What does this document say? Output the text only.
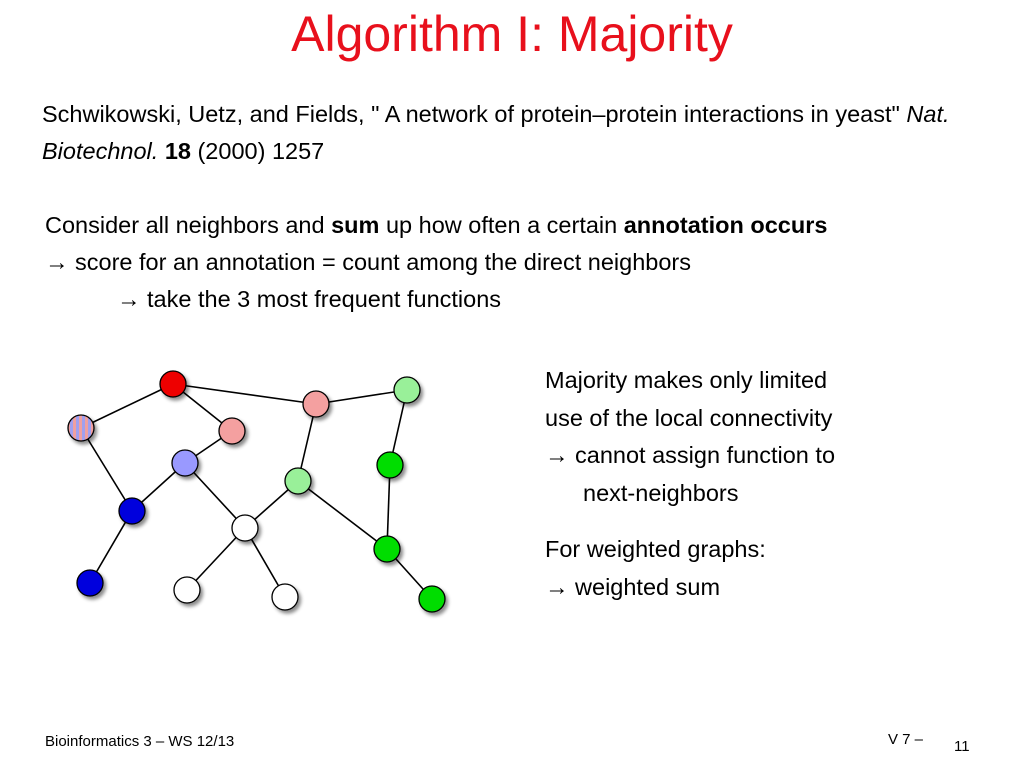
Algorithm I: Majority
Schwikowski, Uetz, and Fields, " A network of protein–protein interactions in yeast" Nat. Biotechnol. 18 (2000) 1257
Consider all neighbors and sum up how often a certain annotation occurs
→ score for an annotation = count among the direct neighbors
→ take the 3 most frequent functions
Majority makes only limited
use of the local connectivity
→ cannot assign function to
next-neighbors
For weighted graphs:
→ weighted sum
Bioinformatics 3 – WS 12/13	V 7 – 11
